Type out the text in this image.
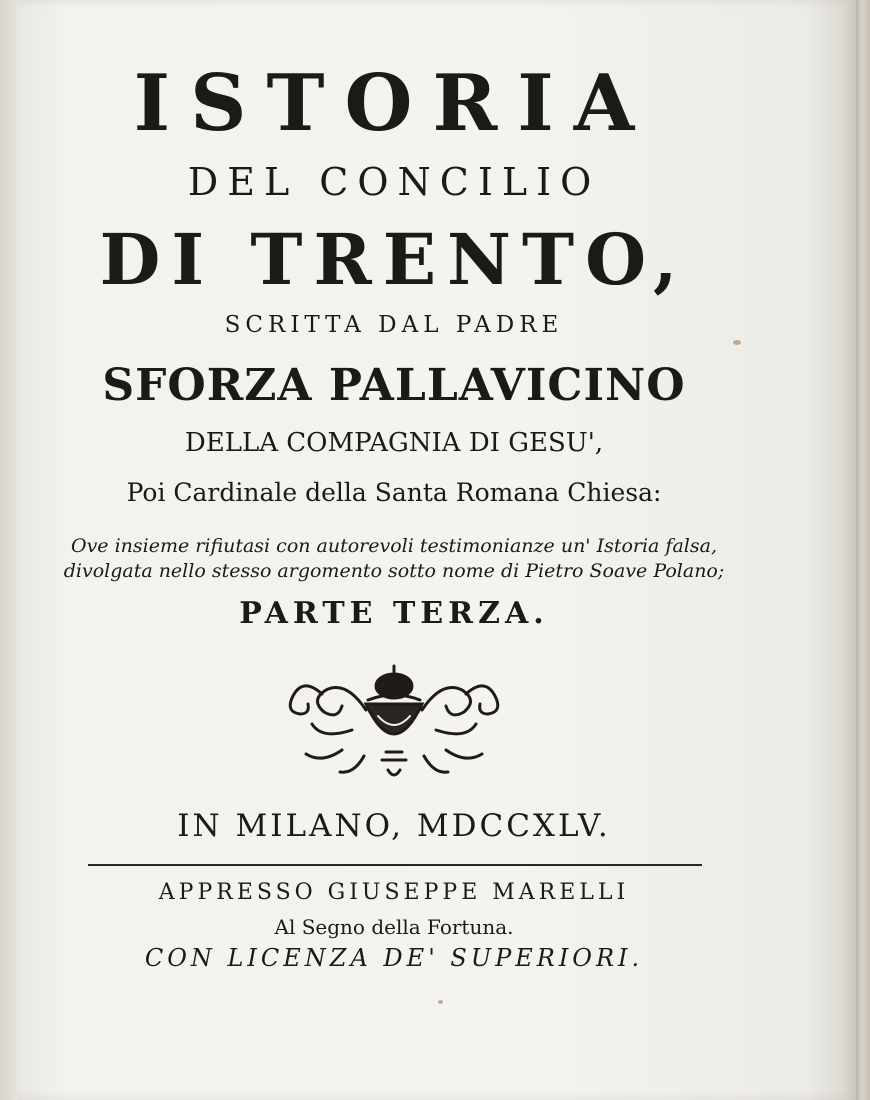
ISTORIA
DEL CONCILIO
DI TRENTO,
SCRITTA DAL PADRE
SFORZA PALLAVICINO
DELLA COMPAGNIA DI GESU',
Poi Cardinale della Santa Romana Chiesa:
Ove insieme rifiutasi con autorevoli testimonianze un' Istoria falsa,
divolgata nello stesso argomento sotto nome di Pietro Soave Polano;
PARTE TERZA.
IN MILANO, MDCCXLV.
APPRESSO GIUSEPPE MARELLI
Al Segno della Fortuna.
CON LICENZA DE' SUPERIORI.
